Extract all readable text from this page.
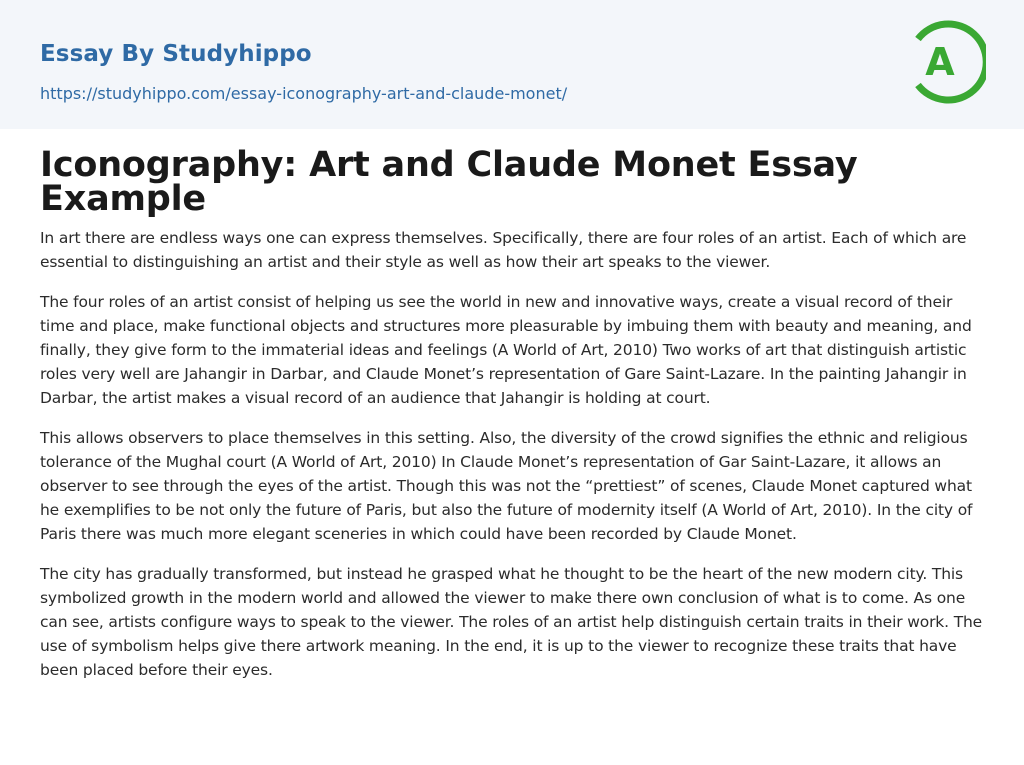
Essay By Studyhippo
https://studyhippo.com/essay-iconography-art-and-claude-monet/
A
Iconography: Art and Claude Monet Essay Example

In art there are endless ways one can express themselves. Specifically, there are four roles of an artist. Each of which are essential to distinguishing an artist and their style as well as how their art speaks to the viewer.

The four roles of an artist consist of helping us see the world in new and innovative ways, create a visual record of their time and place, make functional objects and structures more pleasurable by imbuing them with beauty and meaning, and finally, they give form to the immaterial ideas and feelings (A World of Art, 2010) Two works of art that distinguish artistic roles very well are Jahangir in Darbar, and Claude Monet’s representation of Gare Saint-Lazare. In the painting Jahangir in Darbar, the artist makes a visual record of an audience that Jahangir is holding at court.

This allows observers to place themselves in this setting. Also, the diversity of the crowd signifies the ethnic and religious tolerance of the Mughal court (A World of Art, 2010) In Claude Monet’s representation of Gar Saint-Lazare, it allows an observer to see through the eyes of the artist. Though this was not the “prettiest” of scenes, Claude Monet captured what he exemplifies to be not only the future of Paris, but also the future of modernity itself (A World of Art, 2010). In the city of Paris there was much more elegant sceneries in which could have been recorded by Claude Monet.

The city has gradually transformed, but instead he grasped what he thought to be the heart of the new modern city. This symbolized growth in the modern world and allowed the viewer to make there own conclusion of what is to come. As one can see, artists configure ways to speak to the viewer. The roles of an artist help distinguish certain traits in their work. The use of symbolism helps give there artwork meaning. In the end, it is up to the viewer to recognize these traits that have been placed before their eyes.
